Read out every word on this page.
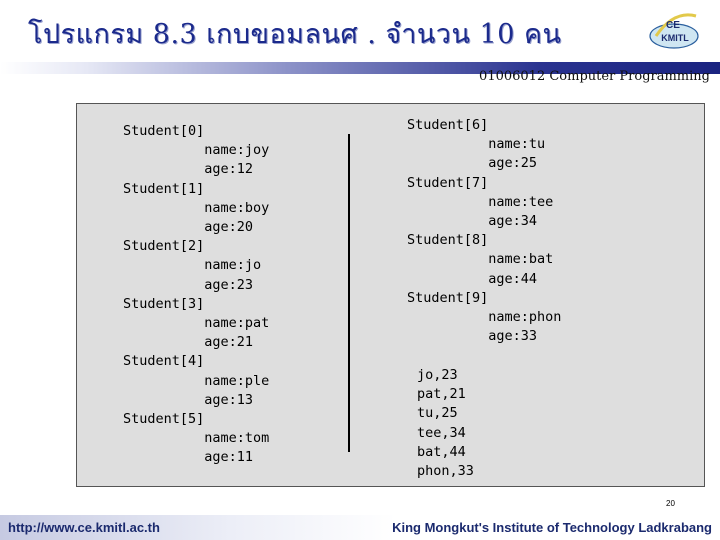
โปรแกรม 8.3 เกบขอมลนศ . จำนวน 10 คน	CE
KMITL
01006012 Computer Programming
Student[0]
name:joy
age:12
Student[1]
name:boy
age:20
Student[2]
name:jo
age:23
Student[3]
name:pat
age:21
Student[4]
name:ple
age:13
Student[5]
name:tom
age:11
Student[6]
name:tu
age:25
Student[7]
name:tee
age:34
Student[8]
name:bat
age:44
Student[9]
name:phon
age:33
jo,23
pat,21
tu,25
tee,34
bat,44
phon,33
20
http://www.ce.kmitl.ac.th	King Mongkut's Institute of Technology Ladkrabang
